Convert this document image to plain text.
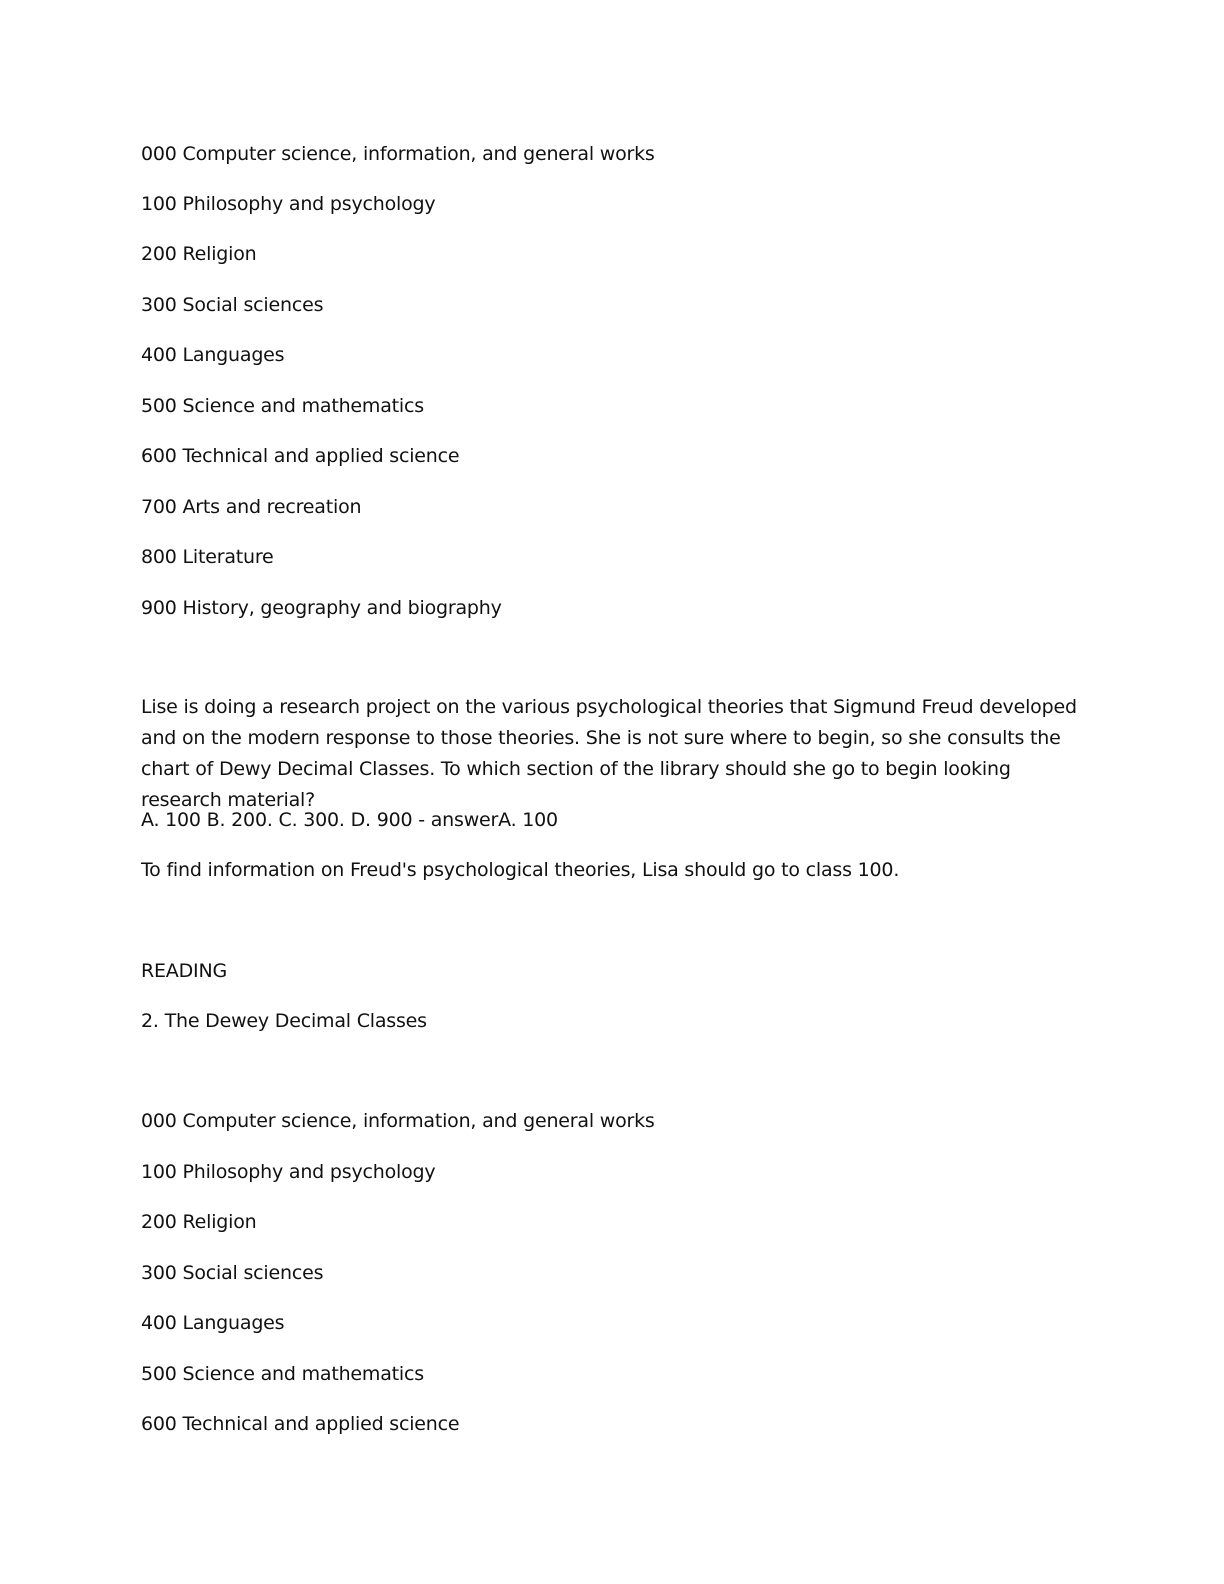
000 Computer science, information, and general works
100 Philosophy and psychology
200 Religion
300 Social sciences
400 Languages
500 Science and mathematics
600 Technical and applied science
700 Arts and recreation
800 Literature
900 History, geography and biography
Lise is doing a research project on the various psychological theories that Sigmund Freud developed and on the modern response to those theories. She is not sure where to begin, so she consults the chart of Dewy Decimal Classes. To which section of the library should she go to begin looking research material?
A. 100 B. 200. C. 300. D. 900 - answerA. 100
To find information on Freud's psychological theories, Lisa should go to class 100.
READING
2. The Dewey Decimal Classes
000 Computer science, information, and general works
100 Philosophy and psychology
200 Religion
300 Social sciences
400 Languages
500 Science and mathematics
600 Technical and applied science
